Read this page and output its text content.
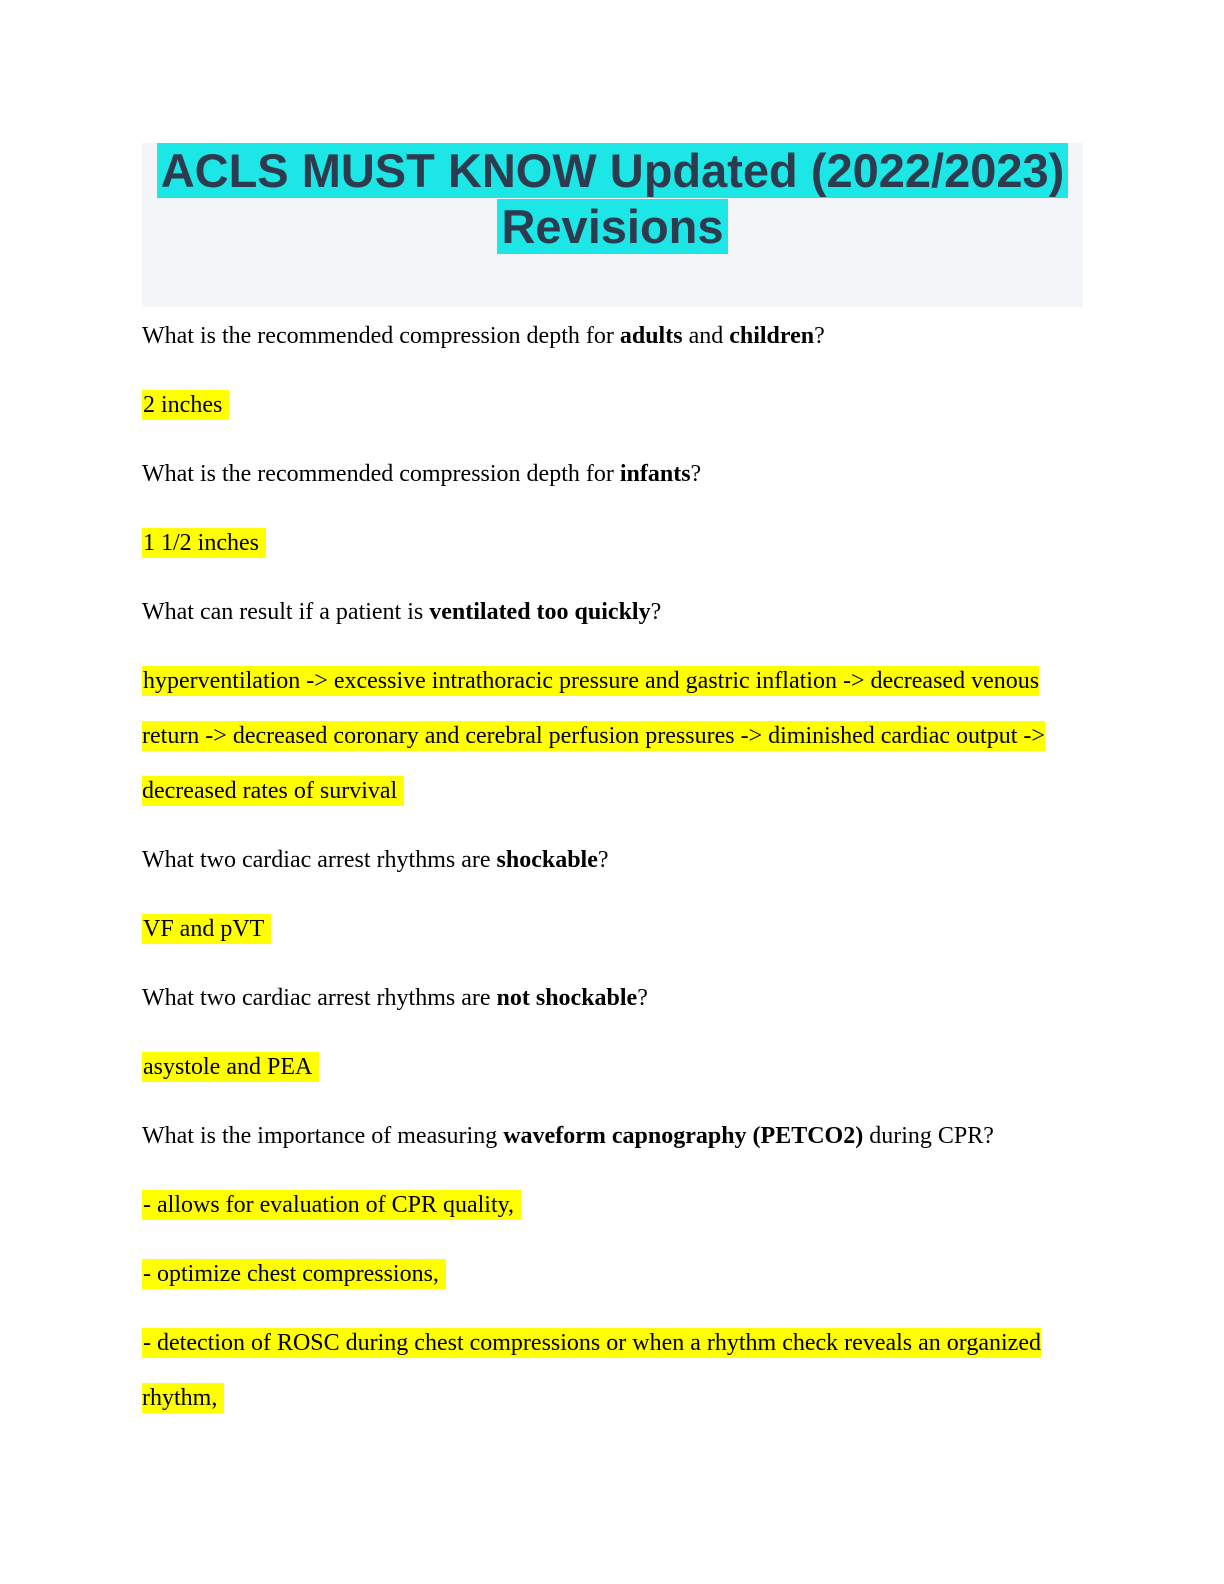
ACLS MUST KNOW Updated (2022/2023)
Revisions

What is the recommended compression depth for adults and children?

2 inches

What is the recommended compression depth for infants?

1 1/2 inches

What can result if a patient is ventilated too quickly?

hyperventilation -> excessive intrathoracic pressure and gastric inflation -> decreased venous return -> decreased coronary and cerebral perfusion pressures -> diminished cardiac output -> decreased rates of survival

What two cardiac arrest rhythms are shockable?

VF and pVT

What two cardiac arrest rhythms are not shockable?

asystole and PEA

What is the importance of measuring waveform capnography (PETCO2) during CPR?

- allows for evaluation of CPR quality,

- optimize chest compressions,

- detection of ROSC during chest compressions or when a rhythm check reveals an organized rhythm,
